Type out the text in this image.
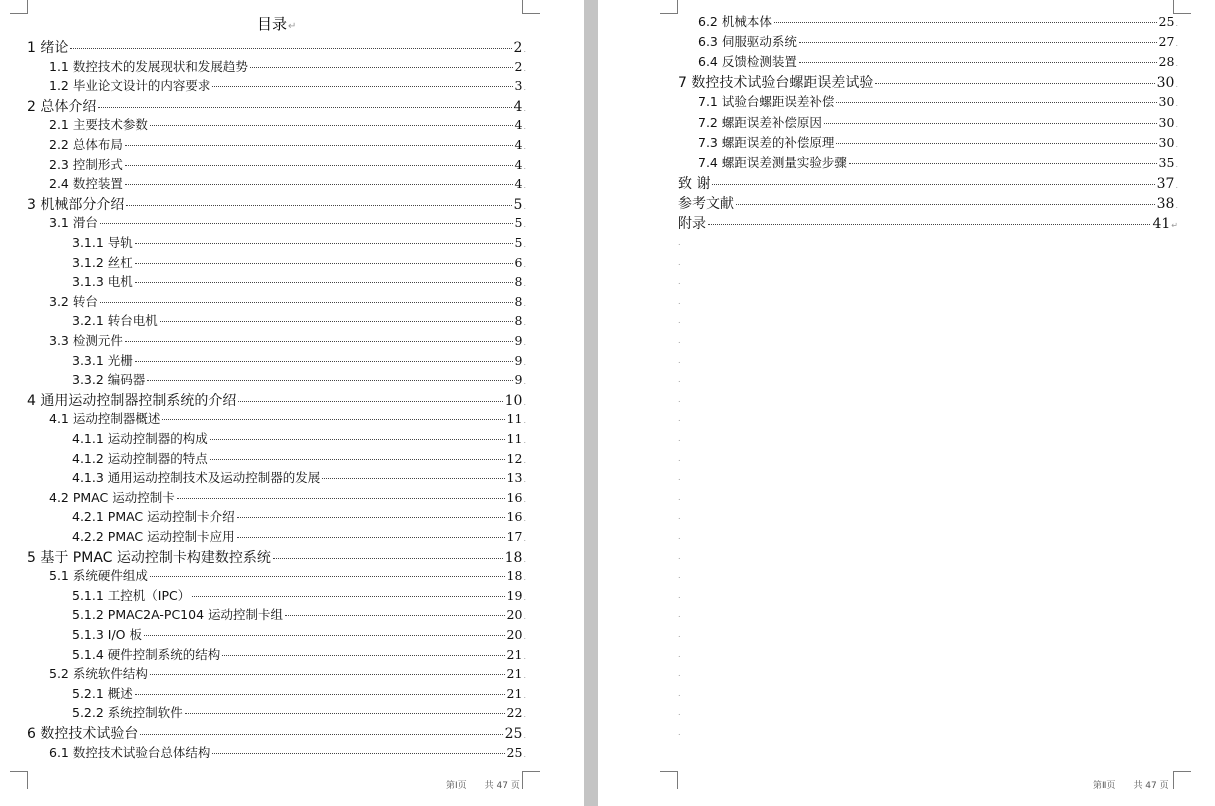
目录↵
1 绪论	2 .
1.1 数控技术的发展现状和发展趋势	2 .
1.2 毕业论文设计的内容要求	3 .
2 总体介绍	4 .
2.1 主要技术参数	4 .
2.2 总体布局	4 .
2.3 控制形式	4 .
2.4 数控装置	4 .
3 机械部分介绍	5 .
3.1 滑台	5 .
3.1.1 导轨	5 .
3.1.2 丝杠	6 .
3.1.3 电机	8 .
3.2 转台	8 .
3.2.1 转台电机	8 .
3.3 检测元件	9 .
3.3.1 光栅	9 .
3.3.2 编码器	9 .
4 通用运动控制器控制系统的介绍	10 .
4.1 运动控制器概述	11 .
4.1.1 运动控制器的构成	11 .
4.1.2 运动控制器的特点	12 .
4.1.3 通用运动控制技术及运动控制器的发展	13 .
4.2 PMAC 运动控制卡	16 .
4.2.1 PMAC 运动控制卡介绍	16 .
4.2.2 PMAC 运动控制卡应用	17 .
5 基于 PMAC 运动控制卡构建数控系统	18 .
5.1 系统硬件组成	18 .
5.1.1 工控机（IPC）	19 .
5.1.2 PMAC2A-PC104 运动控制卡组	20 .
5.1.3 I/O 板	20 .
5.1.4 硬件控制系统的结构	21 .
5.2 系统软件结构	21 .
5.2.1 概述	21 .
5.2.2 系统控制软件	22 .
6 数控技术试验台	25 .
6.1 数控技术试验台总体结构	25 .
第Ⅰ页 共 47 页
6.2 机械本体	25 .
6.3 伺服驱动系统	27 .
6.4 反馈检测装置	28 .
7 数控技术试验台螺距误差试验	30 .
7.1 试验台螺距误差补偿	30 .
7.2 螺距误差补偿原因	30 .
7.3 螺距误差的补偿原理	30 .
7.4 螺距误差测量实验步骤	35 .
致 谢	37 .
参考文献	38 .
附录	41 ↵
第Ⅱ页 共 47 页
.
.
.
.
.
.
.
.
.
.
.
.
.
.
.
.
.
.
.
.
.
.
.
.
.
.
